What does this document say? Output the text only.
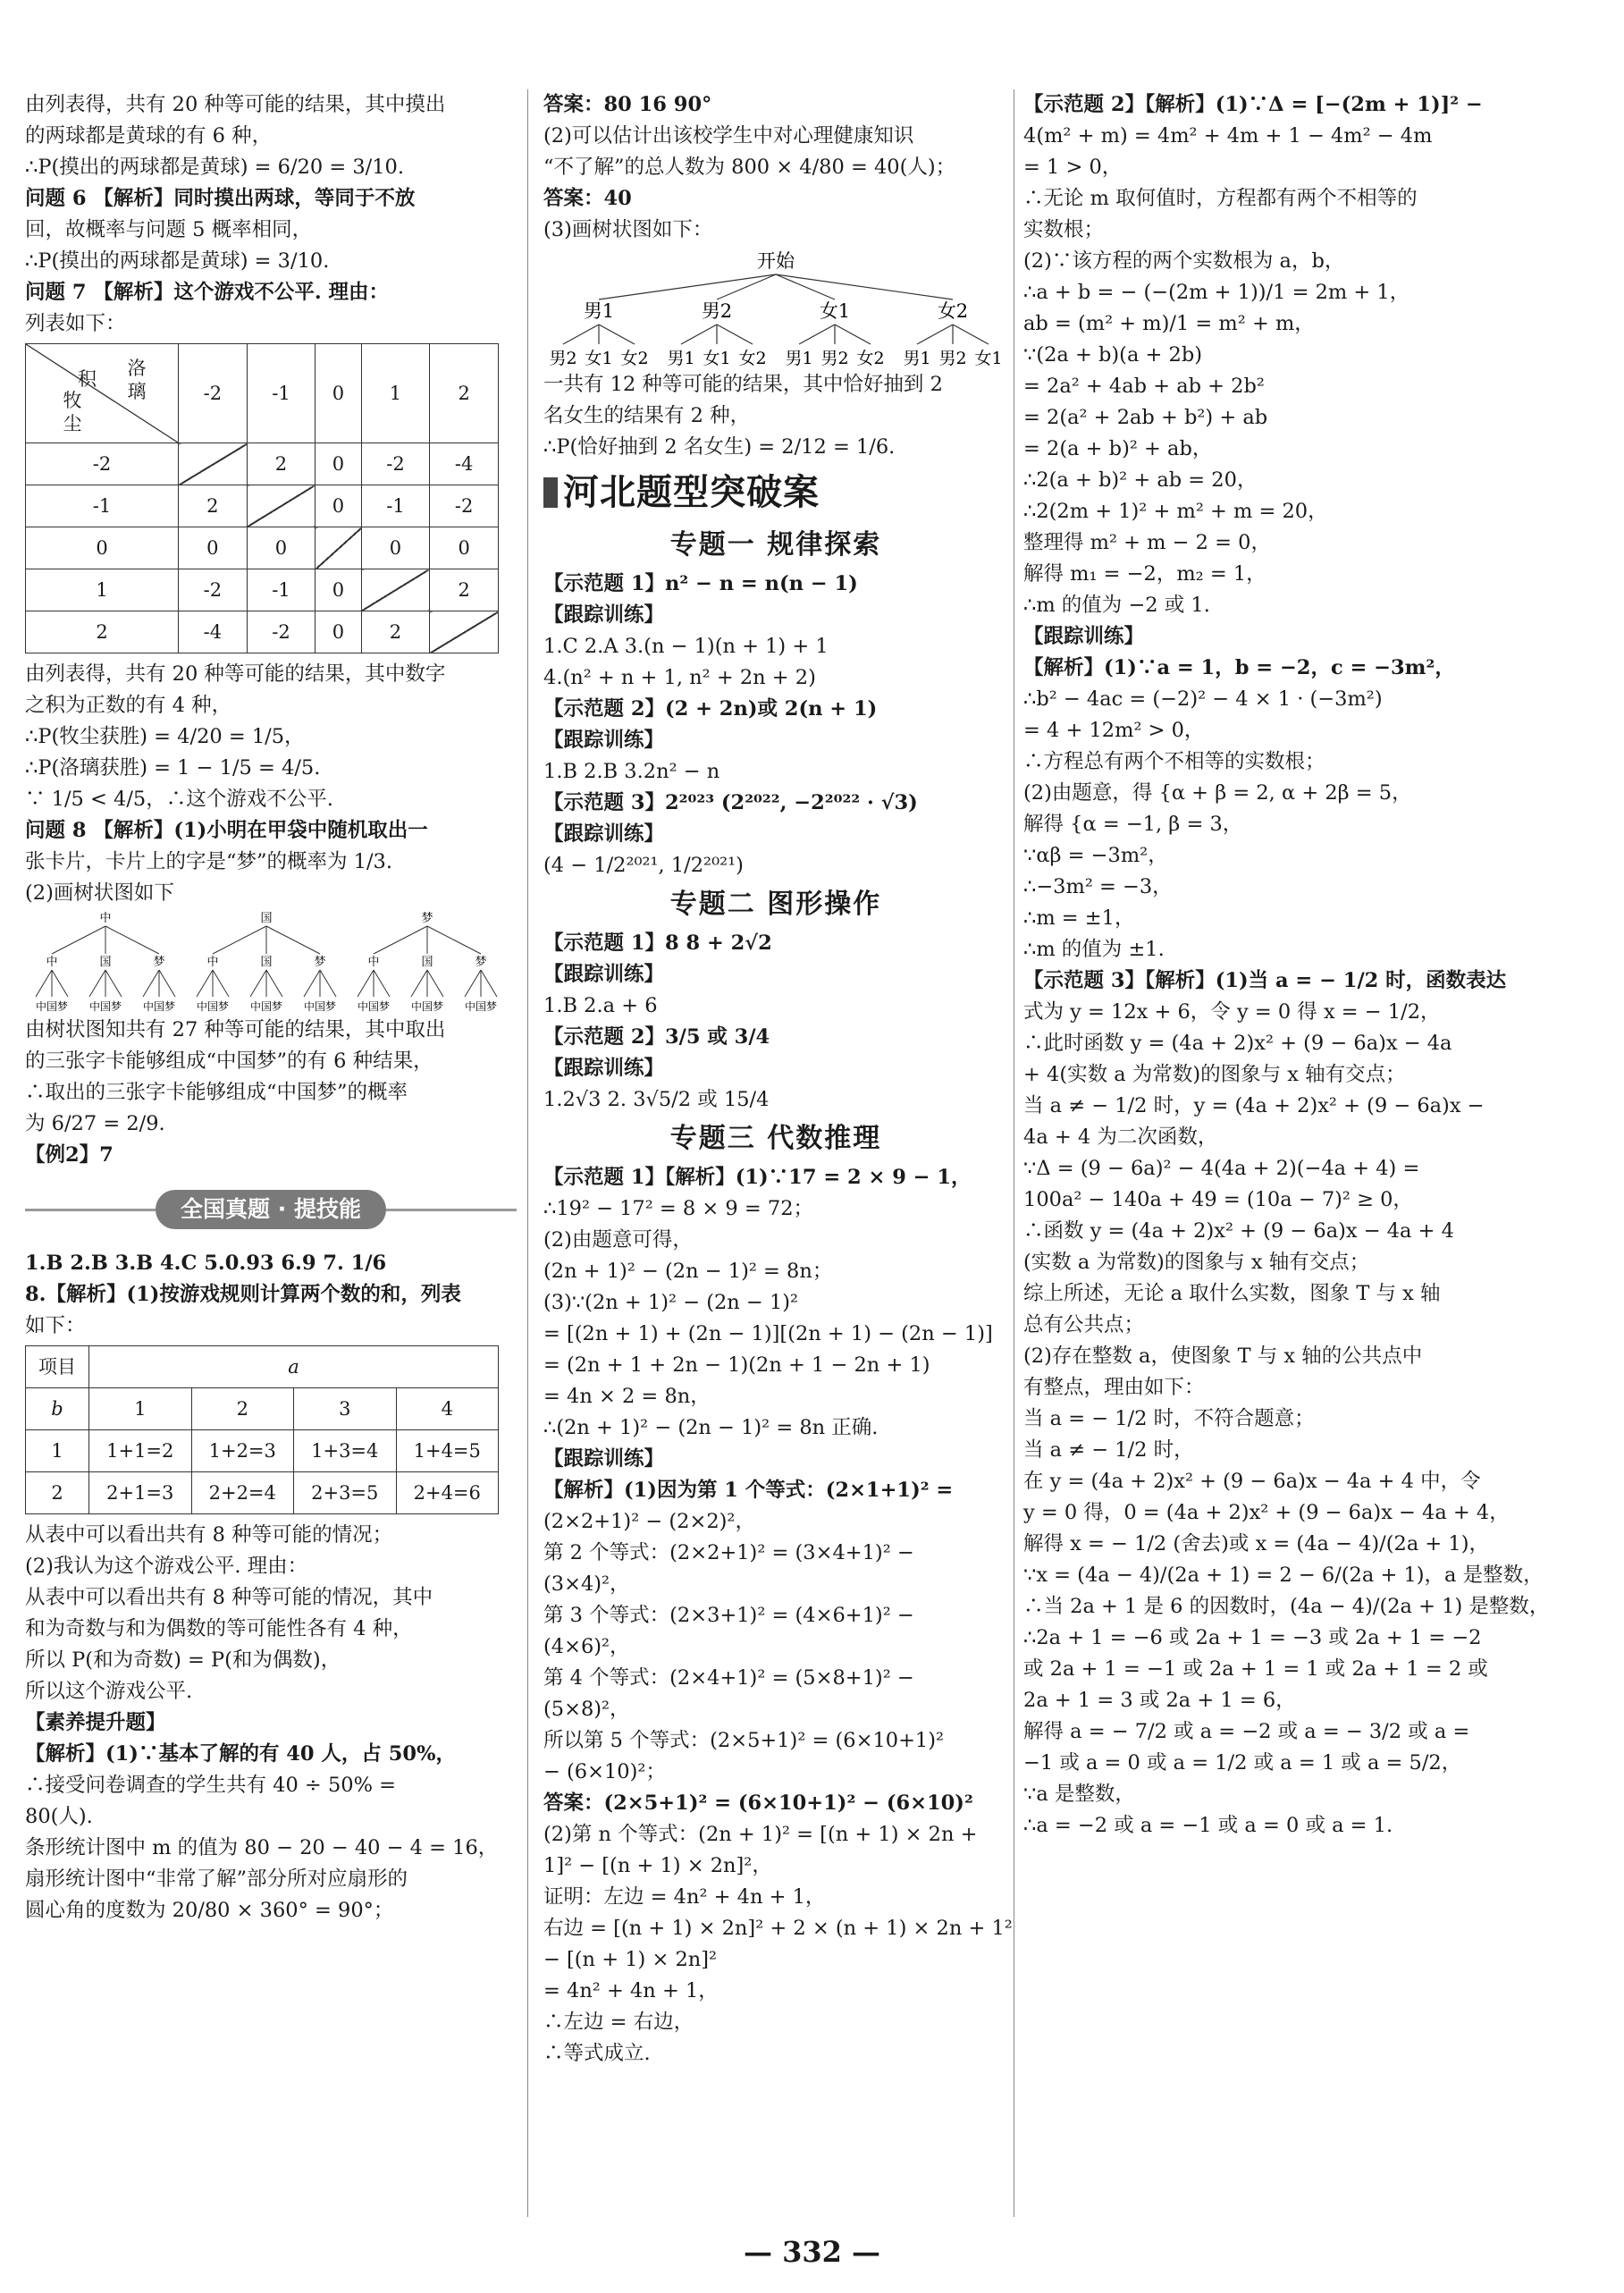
由列表得，共有 20 种等可能的结果，其中摸出
的两球都是黄球的有 6 种，
∴P(摸出的两球都是黄球) = 6/20 = 3/10.
问题 6 【解析】同时摸出两球，等同于不放
回，故概率与问题 5 概率相同，
∴P(摸出的两球都是黄球) = 3/10.
问题 7 【解析】这个游戏不公平. 理由：
列表如下：
洛璃
积
牧尘	-2	-1	0	1	2
-2		2	0	-2	-4
-1	2		0	-1	-2
0	0	0		0	0
1	-2	-1	0		2
2	-4	-2	0	2	
由列表得，共有 20 种等可能的结果，其中数字
之积为正数的有 4 种，
∴P(牧尘获胜) = 4/20 = 1/5，
∴P(洛璃获胜) = 1 − 1/5 = 4/5.
∵ 1/5 < 4/5，∴这个游戏不公平.
问题 8 【解析】(1)小明在甲袋中随机取出一
张卡片，卡片上的字是“梦”的概率为 1/3.
(2)画树状图如下
中
中
中国梦
国
中国梦
梦
中国梦
国
中
中国梦
国
中国梦
梦
中国梦
梦
中
中国梦
国
中国梦
梦
中国梦
由树状图知共有 27 种等可能的结果，其中取出
的三张字卡能够组成“中国梦”的有 6 种结果，
∴取出的三张字卡能够组成“中国梦”的概率
为 6/27 = 2/9.
【例2】7
全国真题 · 提技能
1.B 2.B 3.B 4.C 5.0.93 6.9 7. 1/6
8.【解析】(1)按游戏规则计算两个数的和，列表
如下：
项目	a			
b	1	2	3	4
1	1+1=2	1+2=3	1+3=4	1+4=5
2	2+1=3	2+2=4	2+3=5	2+4=6
从表中可以看出共有 8 种等可能的情况；
(2)我认为这个游戏公平. 理由：
从表中可以看出共有 8 种等可能的情况，其中
和为奇数与和为偶数的等可能性各有 4 种，
所以 P(和为奇数) = P(和为偶数)，
所以这个游戏公平.
【素养提升题】
【解析】(1)∵基本了解的有 40 人，占 50%，
∴接受问卷调查的学生共有 40 ÷ 50% =
80(人).
条形统计图中 m 的值为 80 − 20 − 40 − 4 = 16，
扇形统计图中“非常了解”部分所对应扇形的
圆心角的度数为 20/80 × 360° = 90°；
答案：80 16 90°
(2)可以估计出该校学生中对心理健康知识
“不了解”的总人数为 800 × 4/80 = 40(人)；
答案：40
(3)画树状图如下：
开始
男1
男2 女1 女2
男2
男1 女1 女2
女1
男1 男2 女2
女2
男1 男2 女1
一共有 12 种等可能的结果，其中恰好抽到 2
名女生的结果有 2 种，
∴P(恰好抽到 2 名女生) = 2/12 = 1/6.
河北题型突破案
专题一 规律探索
【示范题 1】n² − n = n(n − 1)
【跟踪训练】
1.C 2.A 3.(n − 1)(n + 1) + 1
4.(n² + n + 1, n² + 2n + 2)
【示范题 2】(2 + 2n)或 2(n + 1)
【跟踪训练】
1.B 2.B 3.2n² − n
【示范题 3】2²⁰²³ (2²⁰²², −2²⁰²² · √3)
【跟踪训练】
(4 − 1/2²⁰²¹, 1/2²⁰²¹)
专题二 图形操作
【示范题 1】8 8 + 2√2
【跟踪训练】
1.B 2.a + 6
【示范题 2】3/5 或 3/4
【跟踪训练】
1.2√3 2. 3√5/2 或 15/4
专题三 代数推理
【示范题 1】【解析】(1)∵17 = 2 × 9 − 1，
∴19² − 17² = 8 × 9 = 72；
(2)由题意可得，
(2n + 1)² − (2n − 1)² = 8n；
(3)∵(2n + 1)² − (2n − 1)²
= [(2n + 1) + (2n − 1)][(2n + 1) − (2n − 1)]
= (2n + 1 + 2n − 1)(2n + 1 − 2n + 1)
= 4n × 2 = 8n，
∴(2n + 1)² − (2n − 1)² = 8n 正确.
【跟踪训练】
【解析】(1)因为第 1 个等式：(2×1+1)² =
(2×2+1)² − (2×2)²，
第 2 个等式：(2×2+1)² = (3×4+1)² −
(3×4)²，
第 3 个等式：(2×3+1)² = (4×6+1)² −
(4×6)²，
第 4 个等式：(2×4+1)² = (5×8+1)² −
(5×8)²，
所以第 5 个等式：(2×5+1)² = (6×10+1)²
− (6×10)²；
答案：(2×5+1)² = (6×10+1)² − (6×10)²
(2)第 n 个等式：(2n + 1)² = [(n + 1) × 2n +
1]² − [(n + 1) × 2n]²，
证明：左边 = 4n² + 4n + 1，
右边 = [(n + 1) × 2n]² + 2 × (n + 1) × 2n + 1²
− [(n + 1) × 2n]²
= 4n² + 4n + 1，
∴左边 = 右边，
∴等式成立.
【示范题 2】【解析】(1)∵Δ = [−(2m + 1)]² −
4(m² + m) = 4m² + 4m + 1 − 4m² − 4m
= 1 > 0，
∴无论 m 取何值时，方程都有两个不相等的
实数根；
(2)∵该方程的两个实数根为 a，b，
∴a + b = − (−(2m + 1))/1 = 2m + 1，
ab = (m² + m)/1 = m² + m，
∵(2a + b)(a + 2b)
= 2a² + 4ab + ab + 2b²
= 2(a² + 2ab + b²) + ab
= 2(a + b)² + ab，
∴2(a + b)² + ab = 20，
∴2(2m + 1)² + m² + m = 20，
整理得 m² + m − 2 = 0，
解得 m₁ = −2，m₂ = 1，
∴m 的值为 −2 或 1.
【跟踪训练】
【解析】(1)∵a = 1，b = −2，c = −3m²，
∴b² − 4ac = (−2)² − 4 × 1 · (−3m²)
= 4 + 12m² > 0，
∴方程总有两个不相等的实数根；
(2)由题意，得 {α + β = 2, α + 2β = 5，
解得 {α = −1, β = 3，
∵αβ = −3m²，
∴−3m² = −3，
∴m = ±1，
∴m 的值为 ±1.
【示范题 3】【解析】(1)当 a = − 1/2 时，函数表达
式为 y = 12x + 6，令 y = 0 得 x = − 1/2，
∴此时函数 y = (4a + 2)x² + (9 − 6a)x − 4a
+ 4(实数 a 为常数)的图象与 x 轴有交点；
当 a ≠ − 1/2 时，y = (4a + 2)x² + (9 − 6a)x −
4a + 4 为二次函数，
∵Δ = (9 − 6a)² − 4(4a + 2)(−4a + 4) =
100a² − 140a + 49 = (10a − 7)² ≥ 0，
∴函数 y = (4a + 2)x² + (9 − 6a)x − 4a + 4
(实数 a 为常数)的图象与 x 轴有交点；
综上所述，无论 a 取什么实数，图象 T 与 x 轴
总有公共点；
(2)存在整数 a，使图象 T 与 x 轴的公共点中
有整点，理由如下：
当 a = − 1/2 时，不符合题意；
当 a ≠ − 1/2 时，
在 y = (4a + 2)x² + (9 − 6a)x − 4a + 4 中，令
y = 0 得，0 = (4a + 2)x² + (9 − 6a)x − 4a + 4，
解得 x = − 1/2 (舍去)或 x = (4a − 4)/(2a + 1)，
∵x = (4a − 4)/(2a + 1) = 2 − 6/(2a + 1)，a 是整数，
∴当 2a + 1 是 6 的因数时，(4a − 4)/(2a + 1) 是整数，
∴2a + 1 = −6 或 2a + 1 = −3 或 2a + 1 = −2
或 2a + 1 = −1 或 2a + 1 = 1 或 2a + 1 = 2 或
2a + 1 = 3 或 2a + 1 = 6，
解得 a = − 7/2 或 a = −2 或 a = − 3/2 或 a =
−1 或 a = 0 或 a = 1/2 或 a = 1 或 a = 5/2，
∵a 是整数，
∴a = −2 或 a = −1 或 a = 0 或 a = 1.
— 332 —
